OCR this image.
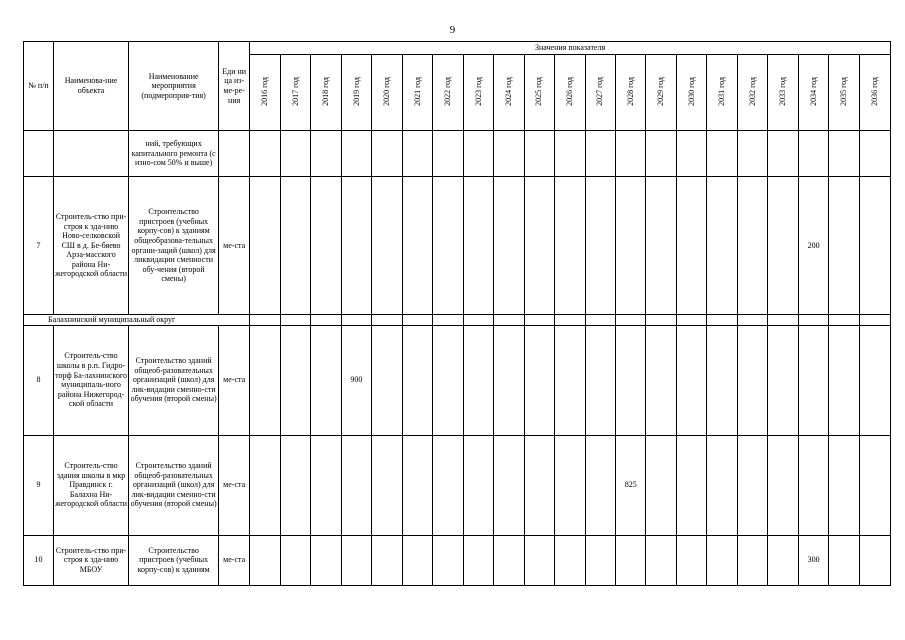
9
№ п/п	Наименова-ние объекта	Наименование мероприятия (подмероприя-тия)	Еди ни ца из-ме-ре-ния	Значения показателя																				
				2016 год	2017 год	2018 год	2019 год	2020 год	2021 год	2022 год	2023 год	2024 год	2025 год	2026 год	2027 год	2028 год	2029 год	2030 год	2031 год	2032 год	2033 год	2034 год	2035 год	2036 год
		ний, требующих капитального ремонта (с изно-сом 50% и выше)																						
7	Строитель-ство при-строя к зда-нию Ново-селковской СШ в д. Бе-бяево Арза-масского района Ни-жегородской области	Строительство пристроев (учебных корпу-сов) к зданиям общеобразова-тельных органи-заций (школ) для ликвидации сменности обу-чения (второй смены)	ме-ста																			200		
Балахнинский муниципальный округ																								
8	Строитель-ство школы в р.п. Гидро-торф Ба-лахнинского муниципаль-ного района Нижегород-ской области	Строительство зданий общеоб-разовательных организаций (школ) для лик-видации сменно-сти обучения (второй смены)	ме-ста				900																	
9	Строитель-ство здания школы в мкр Правдинск г. Балахна Ни-жегородской области	Строительство зданий общеоб-разовательных организаций (школ) для лик-видации сменно-сти обучения (второй смены)	ме-ста													825								
10	Строитель-ство при-строя к зда-нию МБОУ	Строительство пристроев (учебных корпу-сов) к зданиям	ме-ста																			300		
